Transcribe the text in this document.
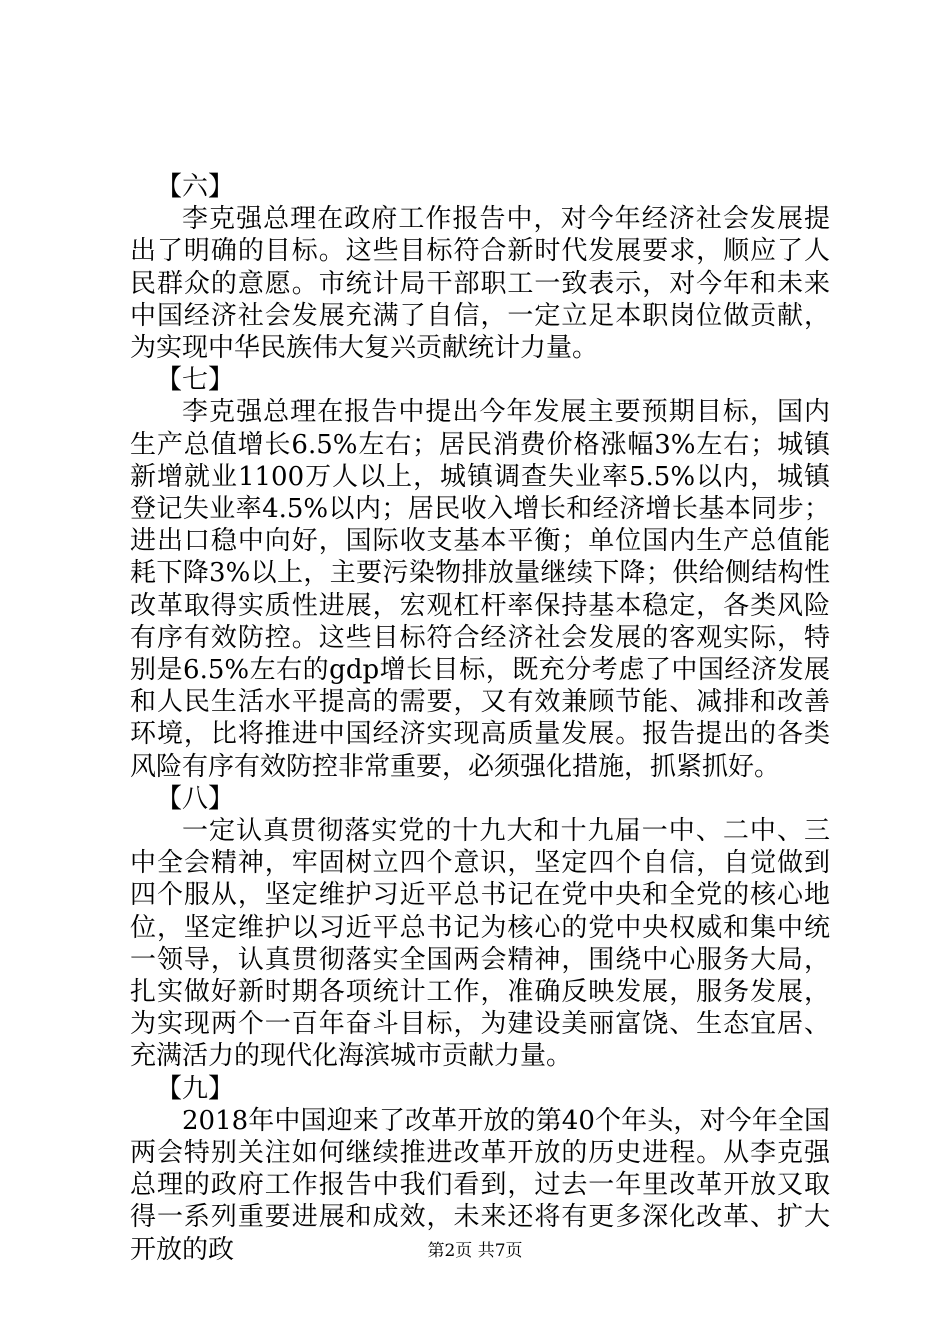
【六】

李克强总理在政府工作报告中，对今年经济社会发展提出了明确的目标。这些目标符合新时代发展要求，顺应了人民群众的意愿。市统计局干部职工一致表示，对今年和未来中国经济社会发展充满了自信，一定立足本职岗位做贡献，为实现中华民族伟大复兴贡献统计力量。

【七】

李克强总理在报告中提出今年发展主要预期目标，国内生产总值增长6.5%左右；居民消费价格涨幅3%左右；城镇新增就业1100万人以上，城镇调查失业率5.5%以内，城镇登记失业率4.5%以内；居民收入增长和经济增长基本同步；进出口稳中向好，国际收支基本平衡；单位国内生产总值能耗下降3%以上，主要污染物排放量继续下降；供给侧结构性改革取得实质性进展，宏观杠杆率保持基本稳定，各类风险有序有效防控。这些目标符合经济社会发展的客观实际，特别是6.5%左右的gdp增长目标，既充分考虑了中国经济发展和人民生活水平提高的需要，又有效兼顾节能、减排和改善环境，比将推进中国经济实现高质量发展。报告提出的各类风险有序有效防控非常重要，必须强化措施，抓紧抓好。

【八】

一定认真贯彻落实党的十九大和十九届一中、二中、三中全会精神，牢固树立四个意识，坚定四个自信，自觉做到四个服从，坚定维护习近平总书记在党中央和全党的核心地位，坚定维护以习近平总书记为核心的党中央权威和集中统一领导，认真贯彻落实全国两会精神，围绕中心服务大局，扎实做好新时期各项统计工作，准确反映发展，服务发展，为实现两个一百年奋斗目标，为建设美丽富饶、生态宜居、充满活力的现代化海滨城市贡献力量。

【九】

2018年中国迎来了改革开放的第40个年头，对今年全国两会特别关注如何继续推进改革开放的历史进程。从李克强总理的政府工作报告中我们看到，过去一年里改革开放又取得一系列重要进展和成效，未来还将有更多深化改革、扩大开放的政	第2页 共7页
